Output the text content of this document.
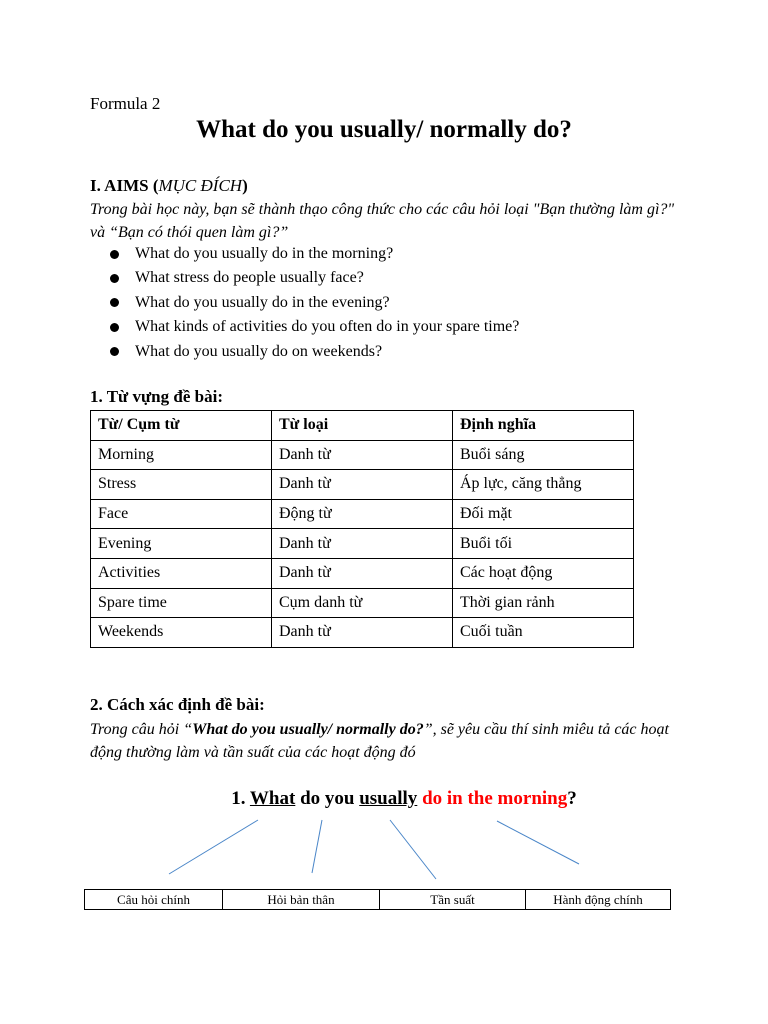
Formula 2
What do you usually/ normally do?
I. AIMS (MỤC ĐÍCH)
Trong bài học này, bạn sẽ thành thạo công thức cho các câu hỏi loại "Bạn thường làm gì?" và “Bạn có thói quen làm gì?”
What do you usually do in the morning?
What stress do people usually face?
What do you usually do in the evening?
What kinds of activities do you often do in your spare time?
What do you usually do on weekends?
1. Từ vựng đề bài:
Từ/ Cụm từ	Từ loại	Định nghĩa
Morning	Danh từ	Buổi sáng
Stress	Danh từ	Áp lực, căng thẳng
Face	Động từ	Đối mặt
Evening	Danh từ	Buổi tối
Activities	Danh từ	Các hoạt động
Spare time	Cụm danh từ	Thời gian rảnh
Weekends	Danh từ	Cuối tuần
2. Cách xác định đề bài:
Trong câu hỏi “What do you usually/ normally do?”, sẽ yêu cầu thí sinh miêu tả các hoạt động thường làm và tần suất của các hoạt động đó
1. What do you usually do in the morning?
Câu hỏi chính	Hỏi bản thân	Tần suất	Hành động chính
